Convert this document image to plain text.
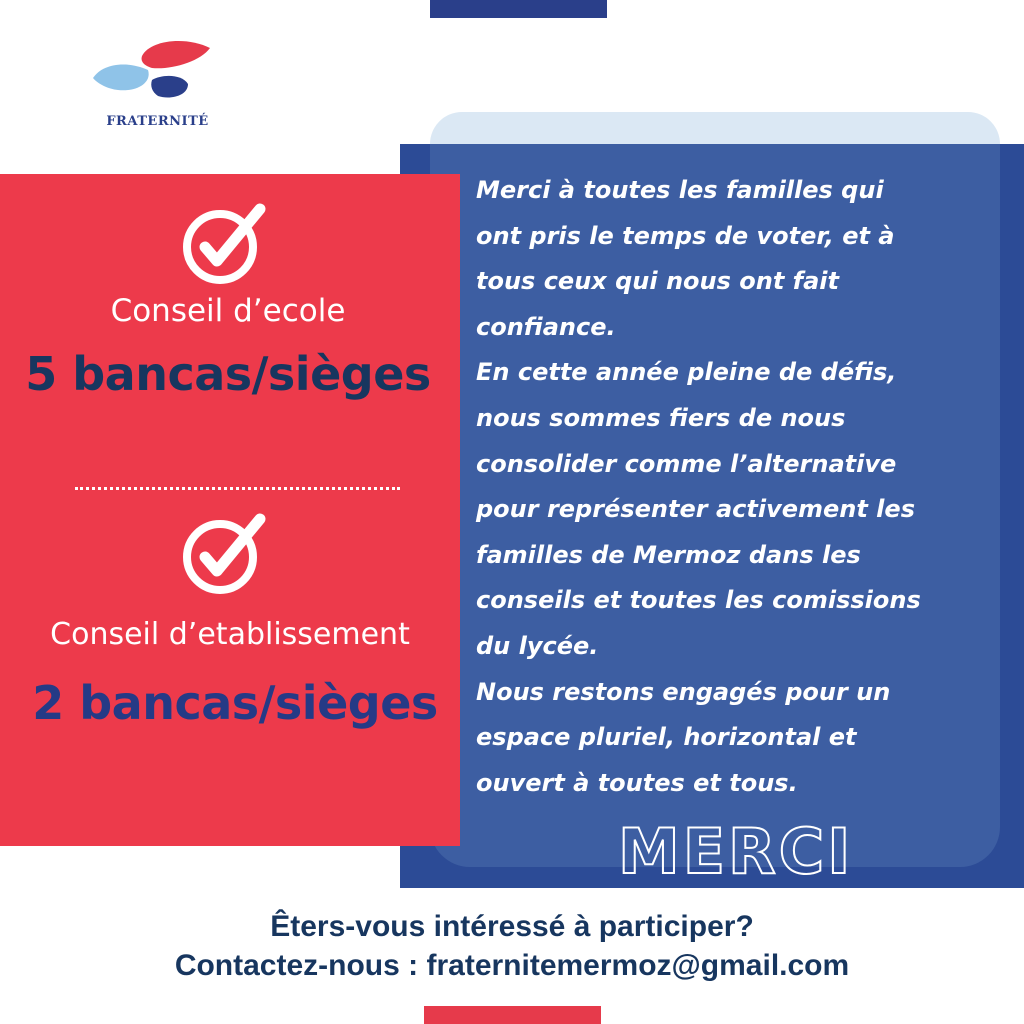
FRATERNITÉ
Merci à toutes les familles qui
ont pris le temps de voter, et à
tous ceux qui nous ont fait
confiance.
En cette année pleine de défis,
nous sommes fiers de nous
consolider comme l’alternative
pour représenter activement les
familles de Mermoz dans les
conseils et toutes les comissions
du lycée.
Nous restons engagés pour un
espace pluriel, horizontal et
ouvert à toutes et tous.
MERCI
Conseil d’ecole
5 bancas/sièges
Conseil d’etablissement
2 bancas/sièges
Êters-vous intéressé à participer?
Contactez-nous : fraternitemermoz@gmail.com
